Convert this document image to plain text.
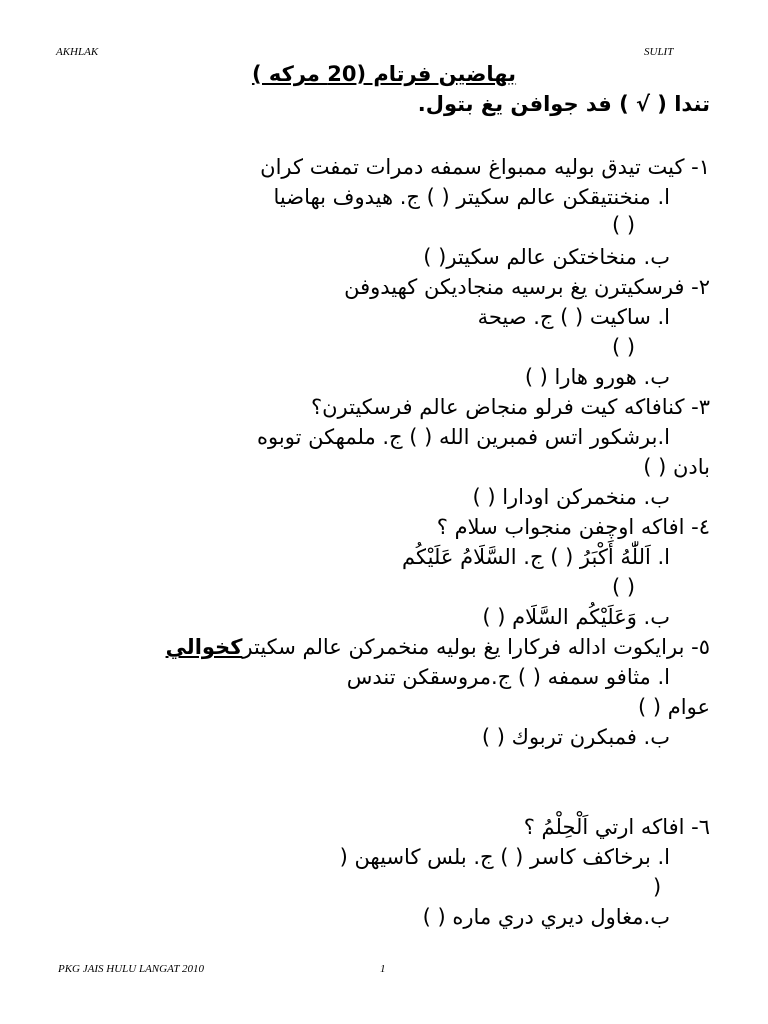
AKHLAK	SULIT
بهاضين فرتام (20 مركه )
تندا ( √ ) فد جوافن يغ بتول.
١- كيت تيدق بوليه ممبواغ سمفه دمرات تمفت كران
ا. منخنتيقكن عالم سکيتر ( ) ج. هيدوف بهاضيا
( )
ب. منخاختكن عالم سکيتر( )
٢- فرسکيترن يغ برسيه منجاديكن كهيدوفن
ا. ساكيت ( ) ج. صيحة
( )
ب. هورو هارا ( )
٣- كنافاكه كيت فرلو منجاض عالم فرسکيترن؟
ا.برشكور اتس فمبرين الله ( ) ج. ملمهكن توبوه
بادن ( )
ب. منخمركن اودارا ( )
٤- افاكه اوچفن منجواب سلام ؟
ا. اَللّٰهُ أَكْبَرُ ( ) ج. السَّلَامُ عَلَيْكُم
( )
ب. وَعَلَيْكُم السَّلَام ( )
٥- برايكوت اداله فركارا يغ بوليه منخمركن عالم سکيتركخوالي
ا. مثافو سمفه ( ) ج.مروسقكن تندس
عوام ( )
ب. فمبكرن تربوك ( )
٦- افاكه ارتي اَلْحِلْمُ ؟
ا. برخاكف كاسر ( ) ج. بلس كاسيهن (
)
ب.مغاول ديري دري ماره ( )
PKG JAIS HULU LANGAT 2010	1
